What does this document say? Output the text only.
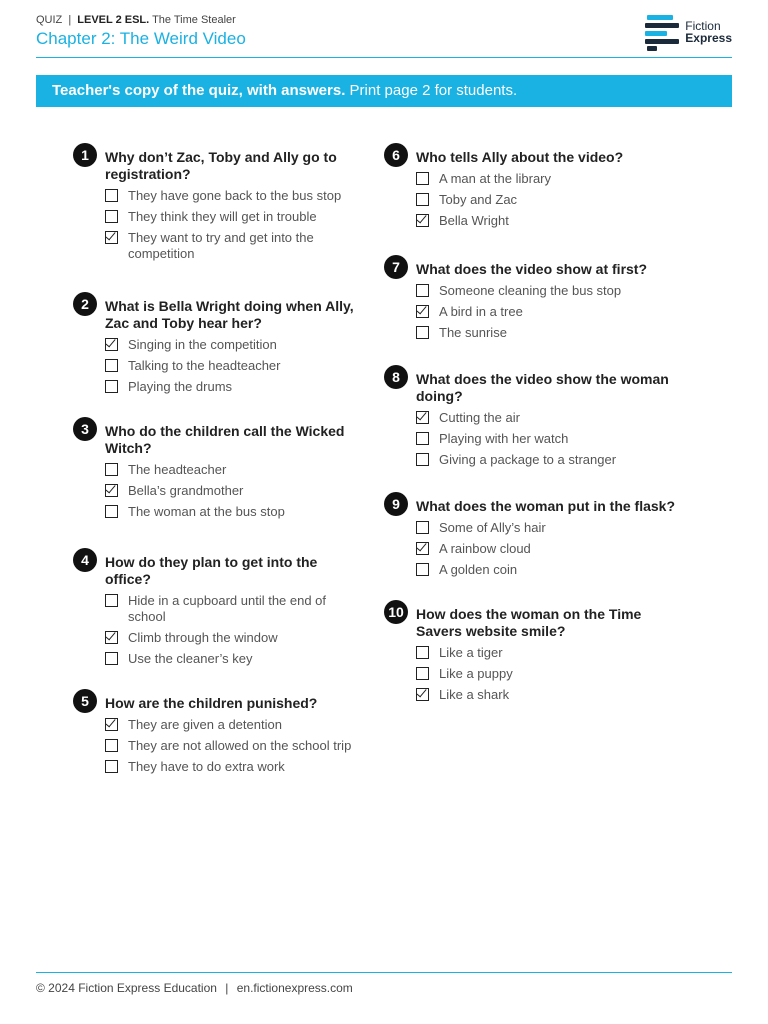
QUIZ | LEVEL 2 ESL. The Time Stealer
Chapter 2: The Weird Video
Fiction
Express
Teacher's copy of the quiz, with answers. Print page 2 for students.
1	Why don’t Zac, Toby and Ally go to registration?
They have gone back to the bus stop
They think they will get in trouble
They want to try and get into the competition
2	What is Bella Wright doing when Ally, Zac and Toby hear her?
Singing in the competition
Talking to the headteacher
Playing the drums
3	Who do the children call the Wicked Witch?
The headteacher
Bella’s grandmother
The woman at the bus stop
4	How do they plan to get into the office?
Hide in a cupboard until the end of school
Climb through the window
Use the cleaner’s key
5	How are the children punished?
They are given a detention
They are not allowed on the school trip
They have to do extra work
6	Who tells Ally about the video?
A man at the library
Toby and Zac
Bella Wright
7	What does the video show at first?
Someone cleaning the bus stop
A bird in a tree
The sunrise
8	What does the video show the woman doing?
Cutting the air
Playing with her watch
Giving a package to a stranger
9	What does the woman put in the flask?
Some of Ally’s hair
A rainbow cloud
A golden coin
10 How does the woman on the Time Savers website smile?
Like a tiger
Like a puppy
Like a shark
© 2024 Fiction Express Education | en.fictionexpress.com
